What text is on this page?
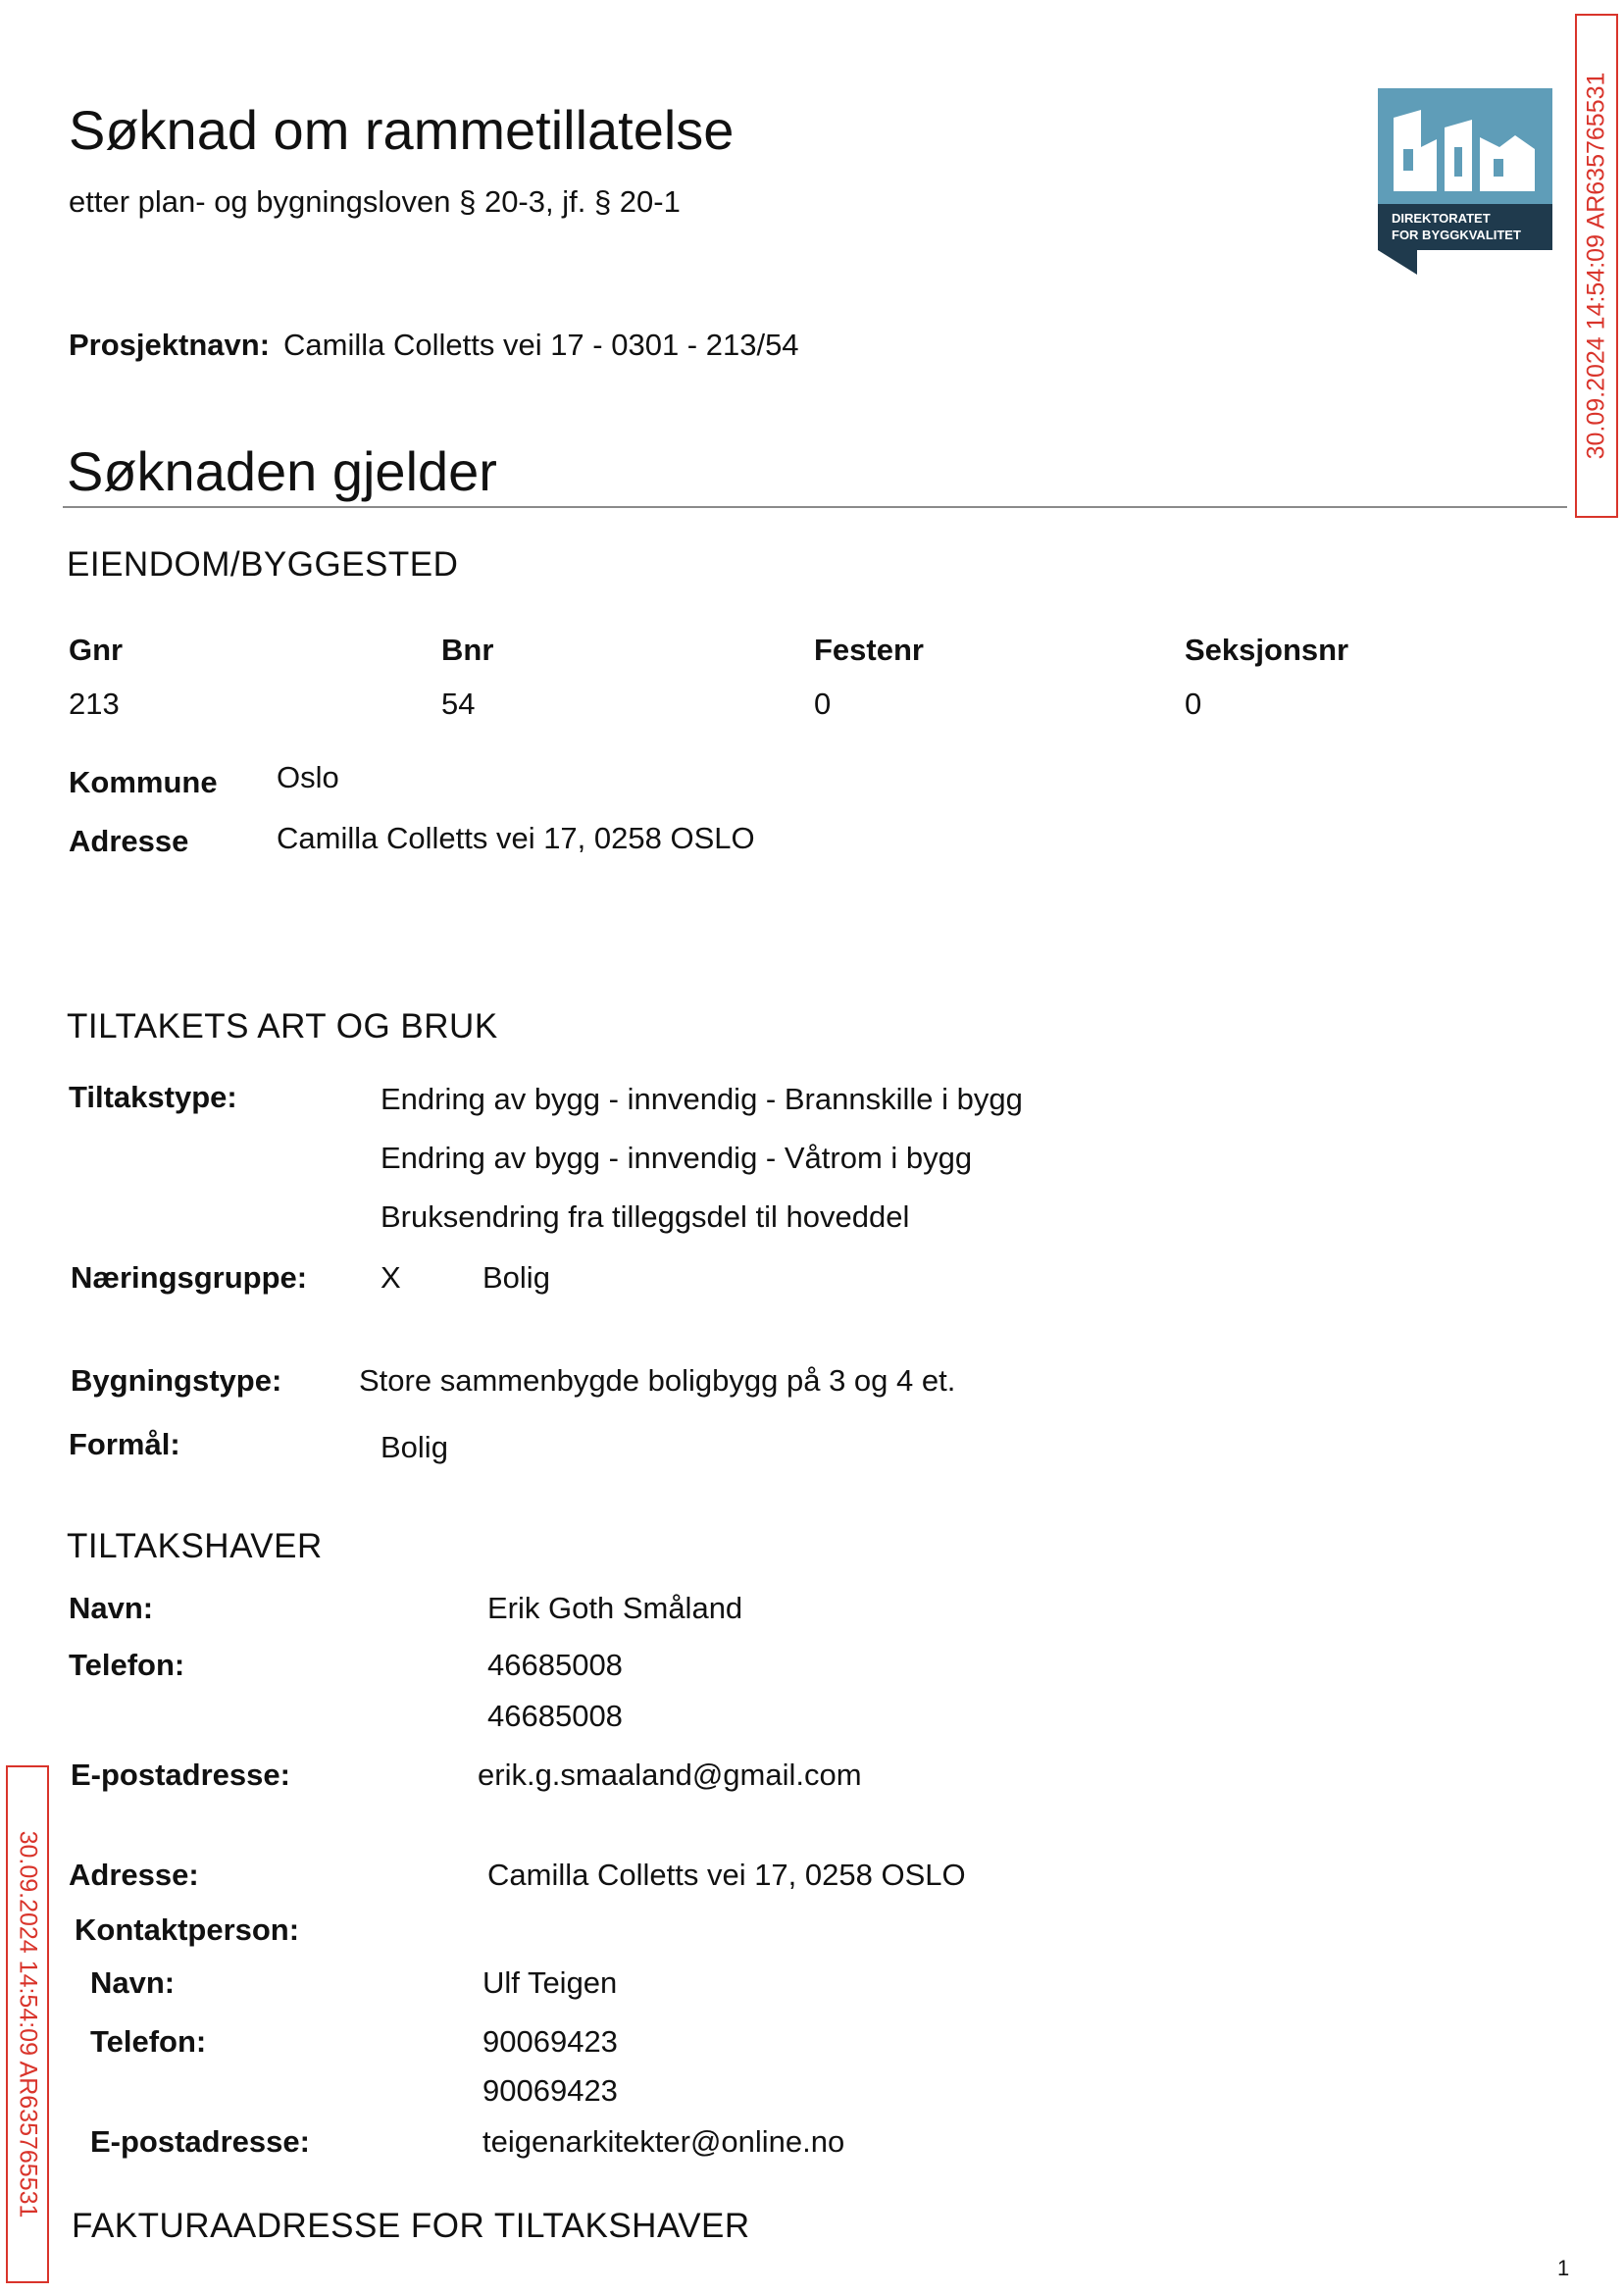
Søknad om rammetillatelse
etter plan- og bygningsloven § 20-3, jf. § 20-1
Prosjektnavn: Camilla Colletts vei 17 - 0301 - 213/54
DIREKTORATET
FOR BYGGKVALITET	30.09.2024 14:54:09 AR635765531
30.09.2024 14:54:09 AR635765531
Søknaden gjelder
EIENDOM/BYGGESTED
Gnr	Bnr	Festenr	Seksjonsnr
213	54	0	0
Kommune Oslo
Adresse	Camilla Colletts vei 17, 0258 OSLO
TILTAKETS ART OG BRUK
Tiltakstype:	Endring av bygg - innvendig - Brannskille i bygg
Endring av bygg - innvendig - Våtrom i bygg
Bruksendring fra tilleggsdel til hoveddel
Næringsgruppe: X	Bolig
Bygningstype:	Store sammenbygde boligbygg på 3 og 4 et.
Formål:	Bolig
TILTAKSHAVER
Navn:	Erik Goth Småland
Telefon:	46685008
46685008
E-postadresse:	erik.g.smaaland@gmail.com
Adresse:	Camilla Colletts vei 17, 0258 OSLO
Kontaktperson:
Navn:	Ulf Teigen
Telefon:	90069423
90069423
E-postadresse:	teigenarkitekter@online.no
FAKTURAADRESSE FOR TILTAKSHAVER
1
